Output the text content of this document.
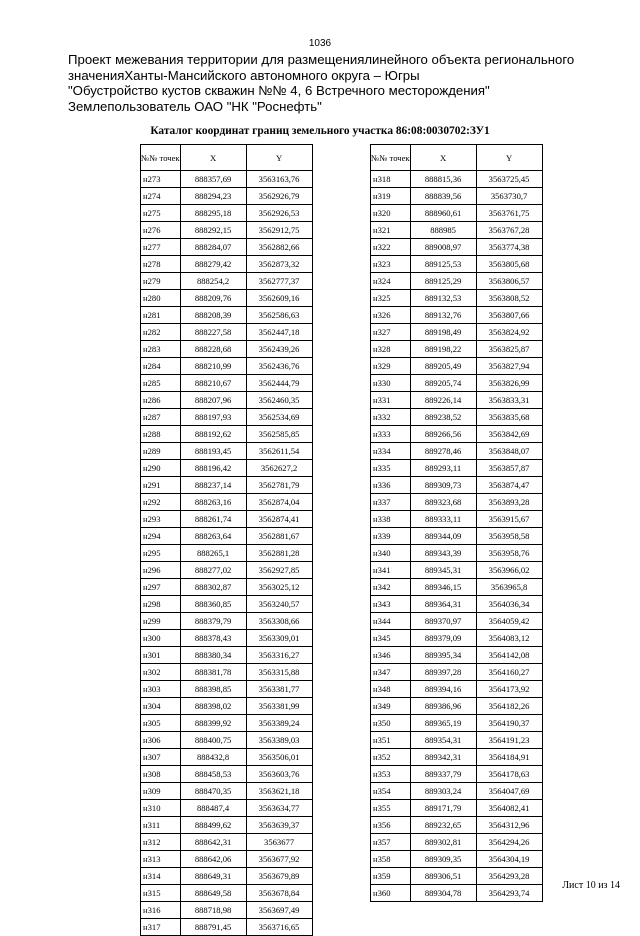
1036
Проект межевания территории для размещениялинейного объекта регионального
значенияХанты-Мансийского автономного округа – Югры
"Обустройство кустов скважин №№ 4, 6 Встречного месторождения"
Землепользователь ОАО "НК "Роснефть"
Каталог координат границ земельного участка 86:08:0030702:ЗУ1
№№ точек	X	Y
н273	888357,69	3563163,76
н274	888294,23	3562926,79
н275	888295,18	3562926,53
н276	888292,15	3562912,75
н277	888284,07	3562882,66
н278	888279,42	3562873,32
н279	888254,2	3562777,37
н280	888209,76	3562609,16
н281	888208,39	3562586,63
н282	888227,58	3562447,18
н283	888228,68	3562439,26
н284	888210,99	3562436,76
н285	888210,67	3562444,79
н286	888207,96	3562460,35
н287	888197,93	3562534,69
н288	888192,62	3562585,85
н289	888193,45	3562611,54
н290	888196,42	3562627,2
н291	888237,14	3562781,79
н292	888263,16	3562874,04
н293	888261,74	3562874,41
н294	888263,64	3562881,67
н295	888265,1	3562881,28
н296	888277,02	3562927,85
н297	888302,87	3563025,12
н298	888360,85	3563240,57
н299	888379,79	3563308,66
н300	888378,43	3563309,01
н301	888380,34	3563316,27
н302	888381,78	3563315,88
н303	888398,85	3563381,77
н304	888398,02	3563381,99
н305	888399,92	3563389,24
н306	888400,75	3563389,03
н307	888432,8	3563506,01
н308	888458,53	3563603,76
н309	888470,35	3563621,18
н310	888487,4	3563634,77
н311	888499,62	3563639,37
н312	888642,31	3563677
н313	888642,06	3563677,92
н314	888649,31	3563679,89
н315	888649,58	3563678,84
н316	888718,98	3563697,49
н317	888791,45	3563716,65
№№ точек	X	Y
н318	888815,36	3563725,45
н319	888839,56	3563730,7
н320	888960,61	3563761,75
н321	888985	3563767,28
н322	889008,97	3563774,38
н323	889125,53	3563805,68
н324	889125,29	3563806,57
н325	889132,53	3563808,52
н326	889132,76	3563807,66
н327	889198,49	3563824,92
н328	889198,22	3563825,87
н329	889205,49	3563827,94
н330	889205,74	3563826,99
н331	889226,14	3563833,31
н332	889238,52	3563835,68
н333	889266,56	3563842,69
н334	889278,46	3563848,07
н335	889293,11	3563857,87
н336	889309,73	3563874,47
н337	889323,68	3563893,28
н338	889333,11	3563915,67
н339	889344,09	3563958,58
н340	889343,39	3563958,76
н341	889345,31	3563966,02
н342	889346,15	3563965,8
н343	889364,31	3564036,34
н344	889370,97	3564059,42
н345	889379,09	3564083,12
н346	889395,34	3564142,08
н347	889397,28	3564160,27
н348	889394,16	3564173,92
н349	889386,96	3564182,26
н350	889365,19	3564190,37
н351	889354,31	3564191,23
н352	889342,31	3564184,91
н353	889337,79	3564178,63
н354	889303,24	3564047,69
н355	889171,79	3564082,41
н356	889232,65	3564312,96
н357	889302,81	3564294,26
н358	889309,35	3564304,19
н359	889306,51	3564293,28
н360	889304,78	3564293,74
Лист 10 из 14
